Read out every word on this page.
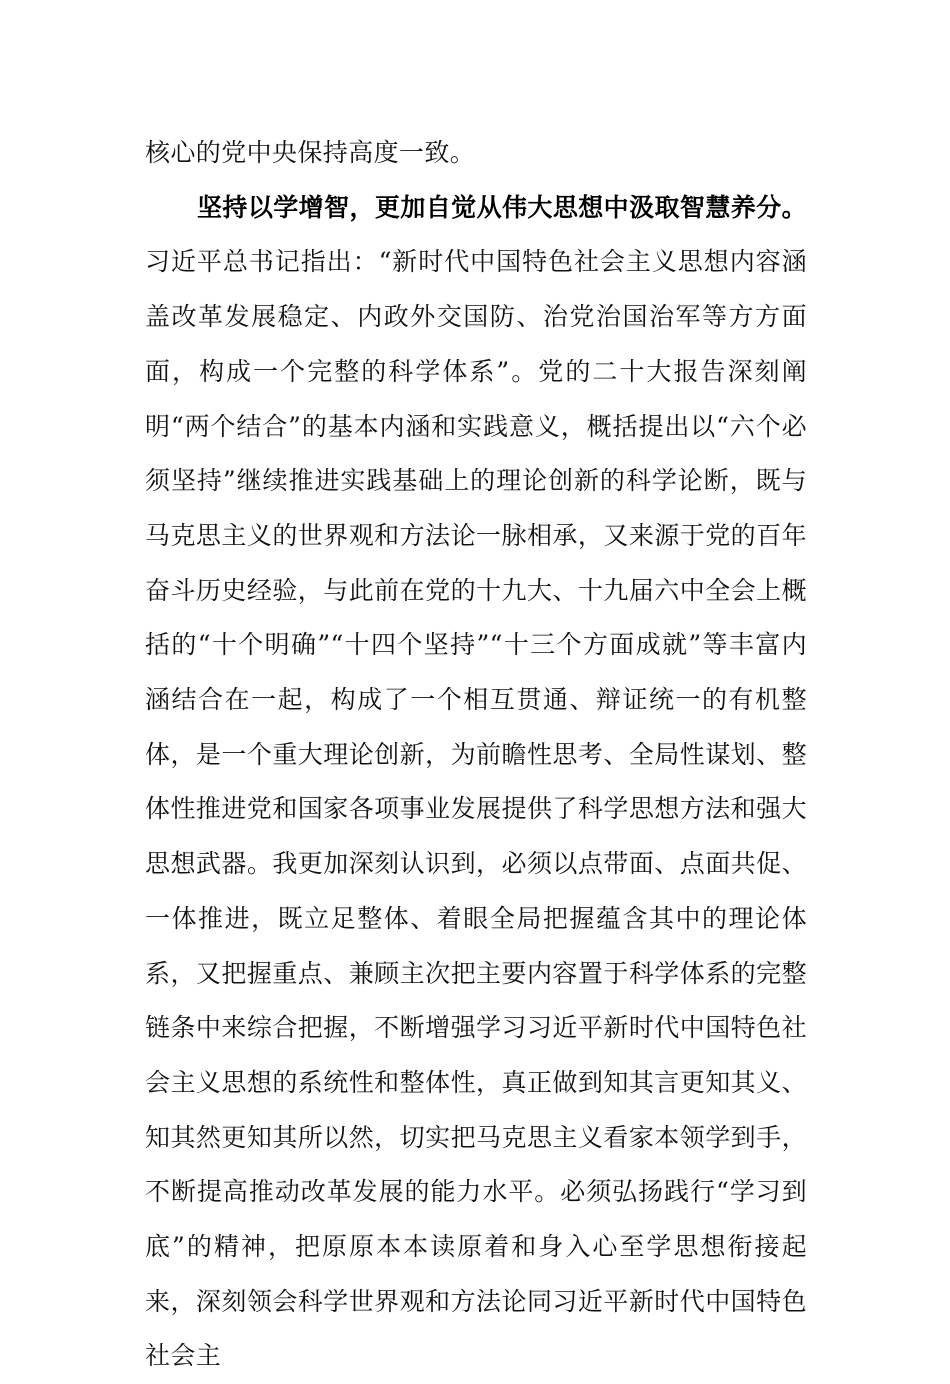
核心的党中央保持高度一致。

坚持以学增智，更加自觉从伟大思想中汲取智慧养分。习近平总书记指出：“新时代中国特色社会主义思想内容涵盖改革发展稳定、内政外交国防、治党治国治军等方方面面，构成一个完整的科学体系”。党的二十大报告深刻阐明“两个结合”的基本内涵和实践意义，概括提出以“六个必须坚持”继续推进实践基础上的理论创新的科学论断，既与马克思主义的世界观和方法论一脉相承，又来源于党的百年奋斗历史经验，与此前在党的十九大、十九届六中全会上概括的“十个明确”“十四个坚持”“十三个方面成就”等丰富内涵结合在一起，构成了一个相互贯通、辩证统一的有机整体，是一个重大理论创新，为前瞻性思考、全局性谋划、整体性推进党和国家各项事业发展提供了科学思想方法和强大思想武器。我更加深刻认识到，必须以点带面、点面共促、一体推进，既立足整体、着眼全局把握蕴含其中的理论体系，又把握重点、兼顾主次把主要内容置于科学体系的完整链条中来综合把握，不断增强学习习近平新时代中国特色社会主义思想的系统性和整体性，真正做到知其言更知其义、知其然更知其所以然，切实把马克思主义看家本领学到手，不断提高推动改革发展的能力水平。必须弘扬践行“学习到底”的精神，把原原本本读原着和身入心至学思想衔接起来，深刻领会科学世界观和方法论同习近平新时代中国特色社会主
